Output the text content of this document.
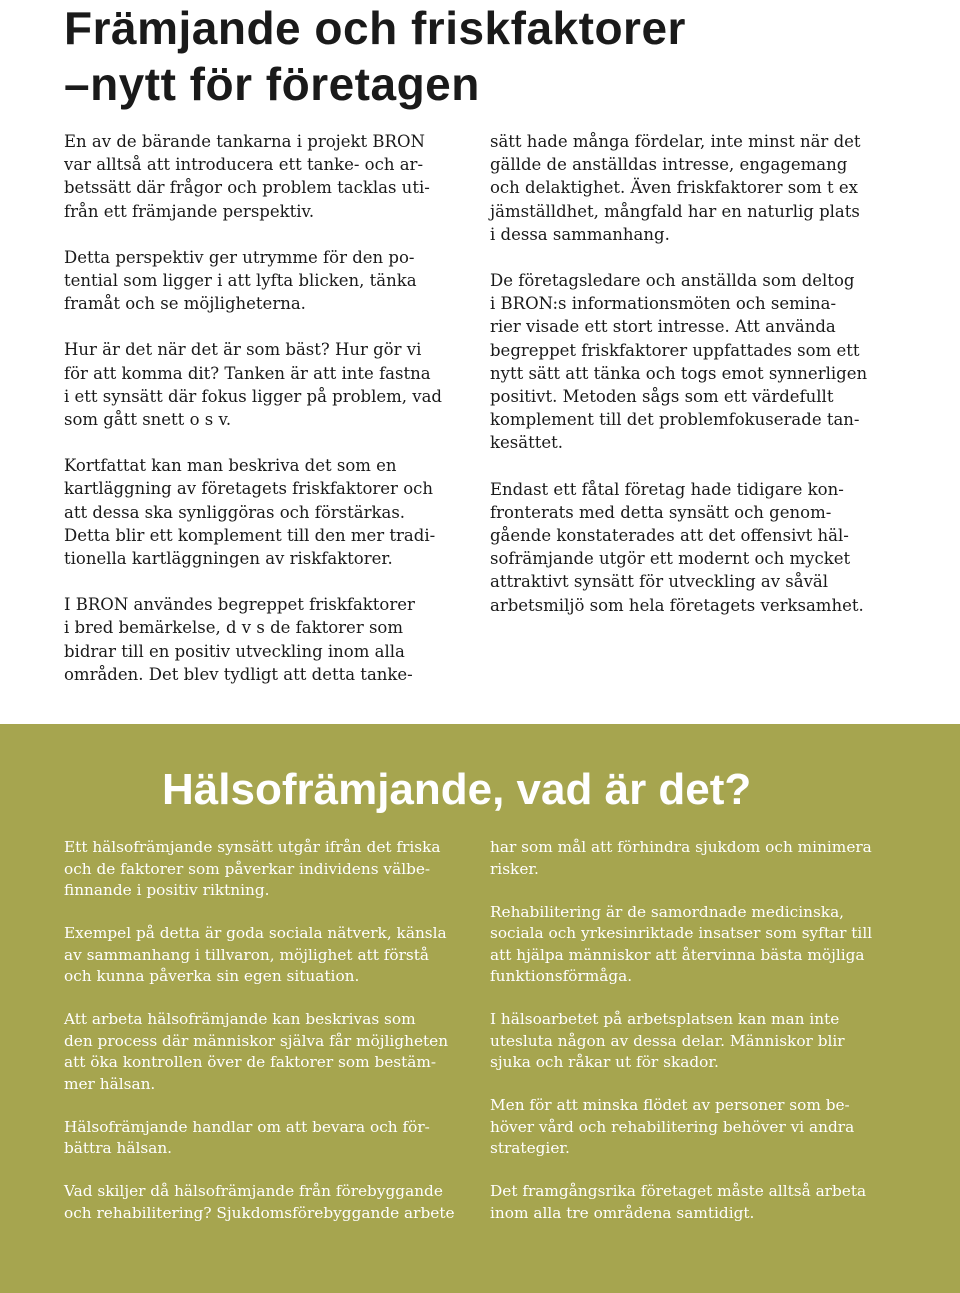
Främjande och friskfaktorer
–nytt för företagen

En av de bärande tankarna i projekt BRON
var alltså att introducera ett tanke- och ar-
betssätt där frågor och problem tacklas uti-
från ett främjande perspektiv.

Detta perspektiv ger utrymme för den po-
tential som ligger i att lyfta blicken, tänka
framåt och se möjligheterna.

Hur är det när det är som bäst? Hur gör vi
för att komma dit? Tanken är att inte fastna
i ett synsätt där fokus ligger på problem, vad
som gått snett o s v.

Kortfattat kan man beskriva det som en
kartläggning av företagets friskfaktorer och
att dessa ska synliggöras och förstärkas.
Detta blir ett komplement till den mer tradi-
tionella kartläggningen av riskfaktorer.

I BRON användes begreppet friskfaktorer
i bred bemärkelse, d v s de faktorer som
bidrar till en positiv utveckling inom alla
områden. Det blev tydligt att detta tanke-

sätt hade många fördelar, inte minst när det
gällde de anställdas intresse, engagemang
och delaktighet. Även friskfaktorer som t ex
jämställdhet, mångfald har en naturlig plats
i dessa sammanhang.

De företagsledare och anställda som deltog
i BRON:s informationsmöten och semina-
rier visade ett stort intresse. Att använda
begreppet friskfaktorer uppfattades som ett
nytt sätt att tänka och togs emot synnerligen
positivt. Metoden sågs som ett värdefullt
komplement till det problemfokuserade tan-
kesättet.

Endast ett fåtal företag hade tidigare kon-
fronterats med detta synsätt och genom-
gående konstaterades att det offensivt häl-
sofrämjande utgör ett modernt och mycket
attraktivt synsätt för utveckling av såväl
arbetsmiljö som hela företagets verksamhet.

Hälsofrämjande, vad är det?

Ett hälsofrämjande synsätt utgår ifrån det friska
och de faktorer som påverkar individens välbe-
finnande i positiv riktning.

Exempel på detta är goda sociala nätverk, känsla
av sammanhang i tillvaron, möjlighet att förstå
och kunna påverka sin egen situation.

Att arbeta hälsofrämjande kan beskrivas som
den process där människor själva får möjligheten
att öka kontrollen över de faktorer som bestäm-
mer hälsan.

Hälsofrämjande handlar om att bevara och för-
bättra hälsan.

Vad skiljer då hälsofrämjande från förebyggande
och rehabilitering? Sjukdomsförebyggande arbete

har som mål att förhindra sjukdom och minimera
risker.

Rehabilitering är de samordnade medicinska,
sociala och yrkesinriktade insatser som syftar till
att hjälpa människor att återvinna bästa möjliga
funktionsförmåga.

I hälsoarbetet på arbetsplatsen kan man inte
utesluta någon av dessa delar. Människor blir
sjuka och råkar ut för skador.

Men för att minska flödet av personer som be-
höver vård och rehabilitering behöver vi andra
strategier.

Det framgångsrika företaget måste alltså arbeta
inom alla tre områdena samtidigt.
